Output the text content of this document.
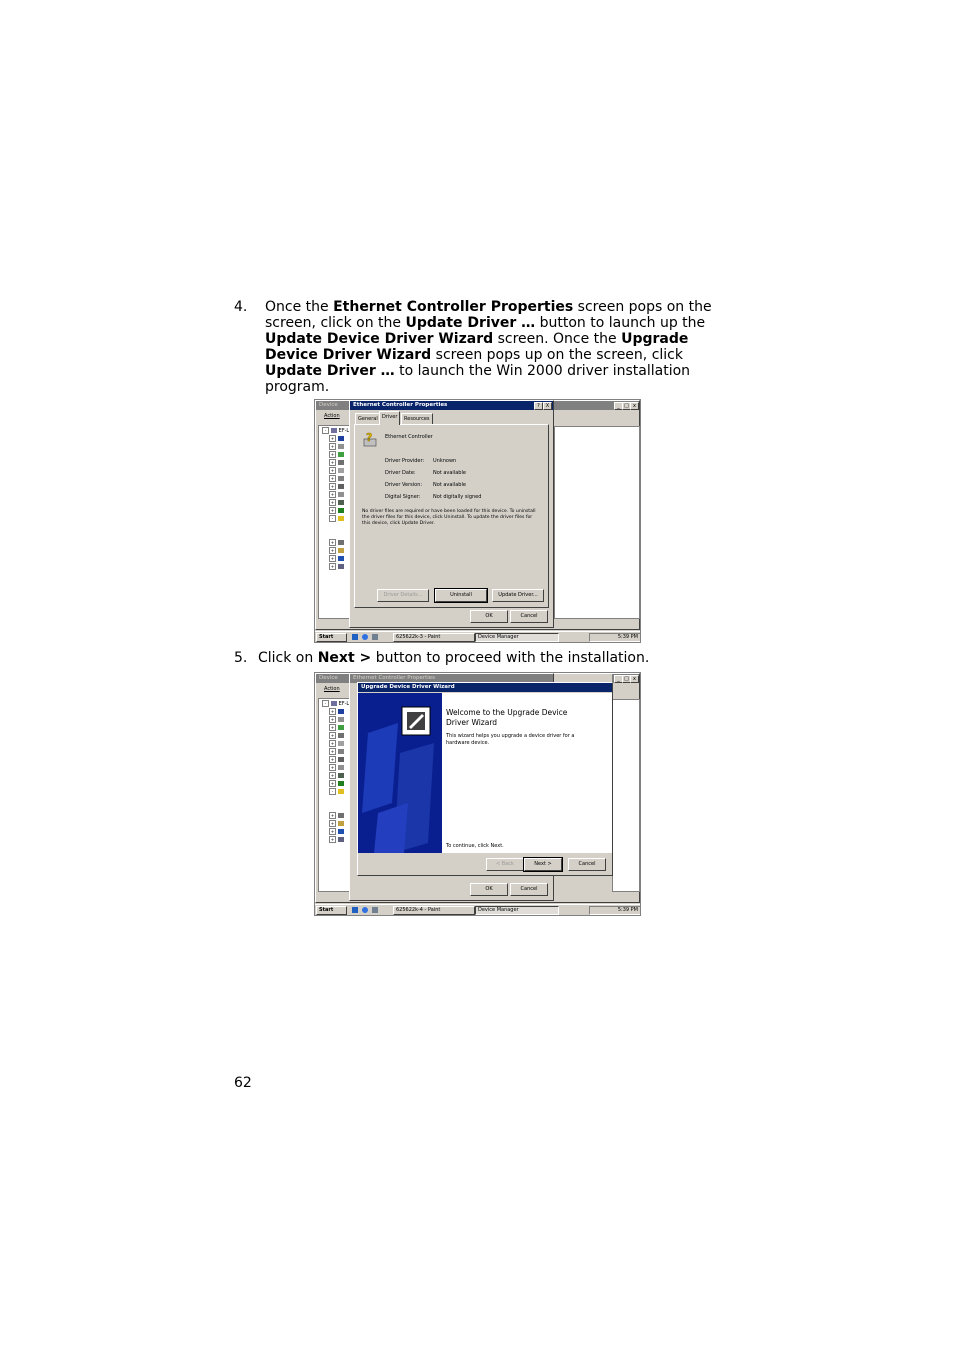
4. Once the Ethernet Controller Properties screen pops on the screen, click on the Update Driver … button to launch up the Update Device Driver Wizard screen. Once the Upgrade Device Driver Wizard screen pops up on the screen, click Update Driver … to launch the Win 2000 driver installation program.
Device	_ □ x
Action
- EF-L
+
+
+
+
+
+
+
+
+
+
-
+
+
+
+
Ethernet Controller Properties	?	X
General Driver	Resources
?	Ethernet Controller
Driver Provider: Unknown
Driver Date:	Not available
Driver Version: Not available
Digital Signer:	Not digitally signed
No driver files are required or have been loaded for this device. To uninstall the driver files for this device, click Uninstall. To update the driver files for this device, click Update Driver.
Driver Details...	Uninstall	Update Driver...
OK	Cancel
Start	625622k-3 - Paint	Device Manager	5:39 PM
5. Click on Next > button to proceed with the installation.
Device	_ □ x
Action
- EF-L
+
+
+
+
+
+
+
+
+
+
-
+
+
+
+
Ethernet Controller Properties
OK	Cancel
Upgrade Device Driver Wizard
Welcome to the Upgrade Device
Driver Wizard
This wizard helps you upgrade a device driver for a
hardware device.
To continue, click Next.
< Back	Next >	Cancel
Start	625622k-4 - Paint	Device Manager	5:39 PM
62
